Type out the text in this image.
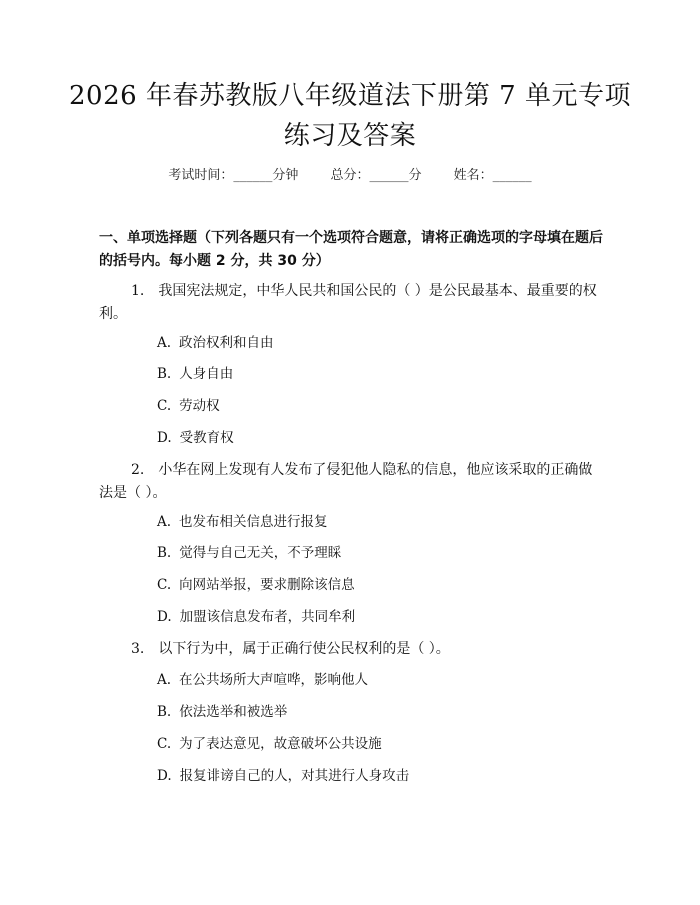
2026 年春苏教版八年级道法下册第 7 单元专项练习及答案
考试时间：______分钟 总分：______分 姓名：______
一、单项选择题（下列各题只有一个选项符合题意，请将正确选项的字母填在题后的括号内。每小题 2 分，共 30 分）
1. 我国宪法规定，中华人民共和国公民的（ ）是公民最基本、最重要的权利。
A. 政治权利和自由
B. 人身自由
C. 劳动权
D. 受教育权
2. 小华在网上发现有人发布了侵犯他人隐私的信息，他应该采取的正确做法是（ ）。
A. 也发布相关信息进行报复
B. 觉得与自己无关，不予理睬
C. 向网站举报，要求删除该信息
D. 加盟该信息发布者，共同牟利
3. 以下行为中，属于正确行使公民权利的是（ ）。
A. 在公共场所大声喧哗，影响他人
B. 依法选举和被选举
C. 为了表达意见，故意破坏公共设施
D. 报复诽谤自己的人，对其进行人身攻击
